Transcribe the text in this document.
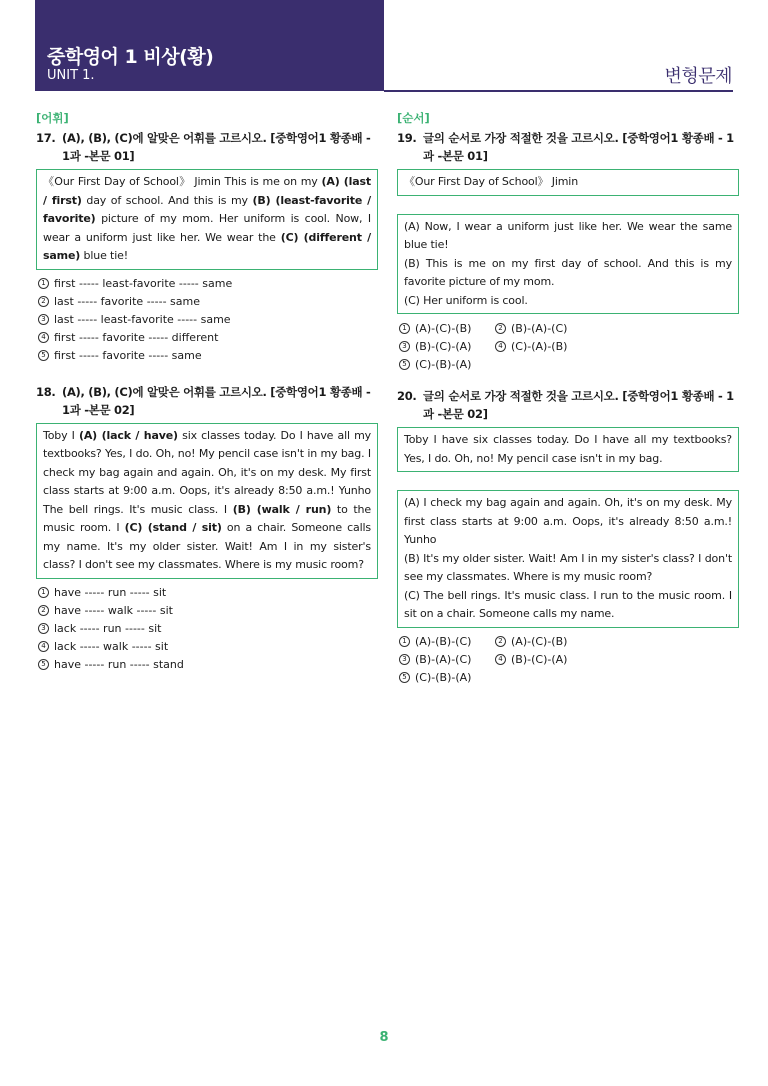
중학영어 1 비상(황)
UNIT 1.	변형문제
[어휘]
17. (A), (B), (C)에 알맞은 어휘를 고르시오. [중학영어1 황종배 - 1과 -본문 01]
《Our First Day of School》 Jimin This is me on my (A) (last / first) day of school. And this is my (B) (least-favorite / favorite) picture of my mom. Her uniform is cool. Now, I wear a uniform just like her. We wear the (C) (different / same) blue tie!
1 first ----- least-favorite ----- same
2 last ----- favorite ----- same
3 last ----- least-favorite ----- same
4 first ----- favorite ----- different
5 first ----- favorite ----- same
18. (A), (B), (C)에 알맞은 어휘를 고르시오. [중학영어1 황종배 - 1과 -본문 02]
Toby I (A) (lack / have) six classes today. Do I have all my textbooks? Yes, I do. Oh, no! My pencil case isn't in my bag. I check my bag again and again. Oh, it's on my desk. My first class starts at 9:00 a.m. Oops, it's already 8:50 a.m.! Yunho The bell rings. It's music class. I (B) (walk / run) to the music room. I (C) (stand / sit) on a chair. Someone calls my name. It's my older sister. Wait! Am I in my sister's class? I don't see my classmates. Where is my music room?
1 have ----- run ----- sit
2 have ----- walk ----- sit
3 lack ----- run ----- sit
4 lack ----- walk ----- sit
5 have ----- run ----- stand
[순서]
19. 글의 순서로 가장 적절한 것을 고르시오. [중학영어1 황종배 - 1과 -본문 01]
《Our First Day of School》 Jimin
(A) Now, I wear a uniform just like her. We wear the same blue tie!
(B) This is me on my first day of school. And this is my favorite picture of my mom.
(C) Her uniform is cool.
1 (A)-(C)-(B)	2 (B)-(A)-(C)
3 (B)-(C)-(A)	4 (C)-(A)-(B)
5 (C)-(B)-(A)
20. 글의 순서로 가장 적절한 것을 고르시오. [중학영어1 황종배 - 1과 -본문 02]
Toby I have six classes today. Do I have all my textbooks? Yes, I do. Oh, no! My pencil case isn't in my bag.
(A) I check my bag again and again. Oh, it's on my desk. My first class starts at 9:00 a.m. Oops, it's already 8:50 a.m.! Yunho
(B) It's my older sister. Wait! Am I in my sister's class? I don't see my classmates. Where is my music room?
(C) The bell rings. It's music class. I run to the music room. I sit on a chair. Someone calls my name.
1 (A)-(B)-(C)	2 (A)-(C)-(B)
3 (B)-(A)-(C)	4 (B)-(C)-(A)
5 (C)-(B)-(A)
8
